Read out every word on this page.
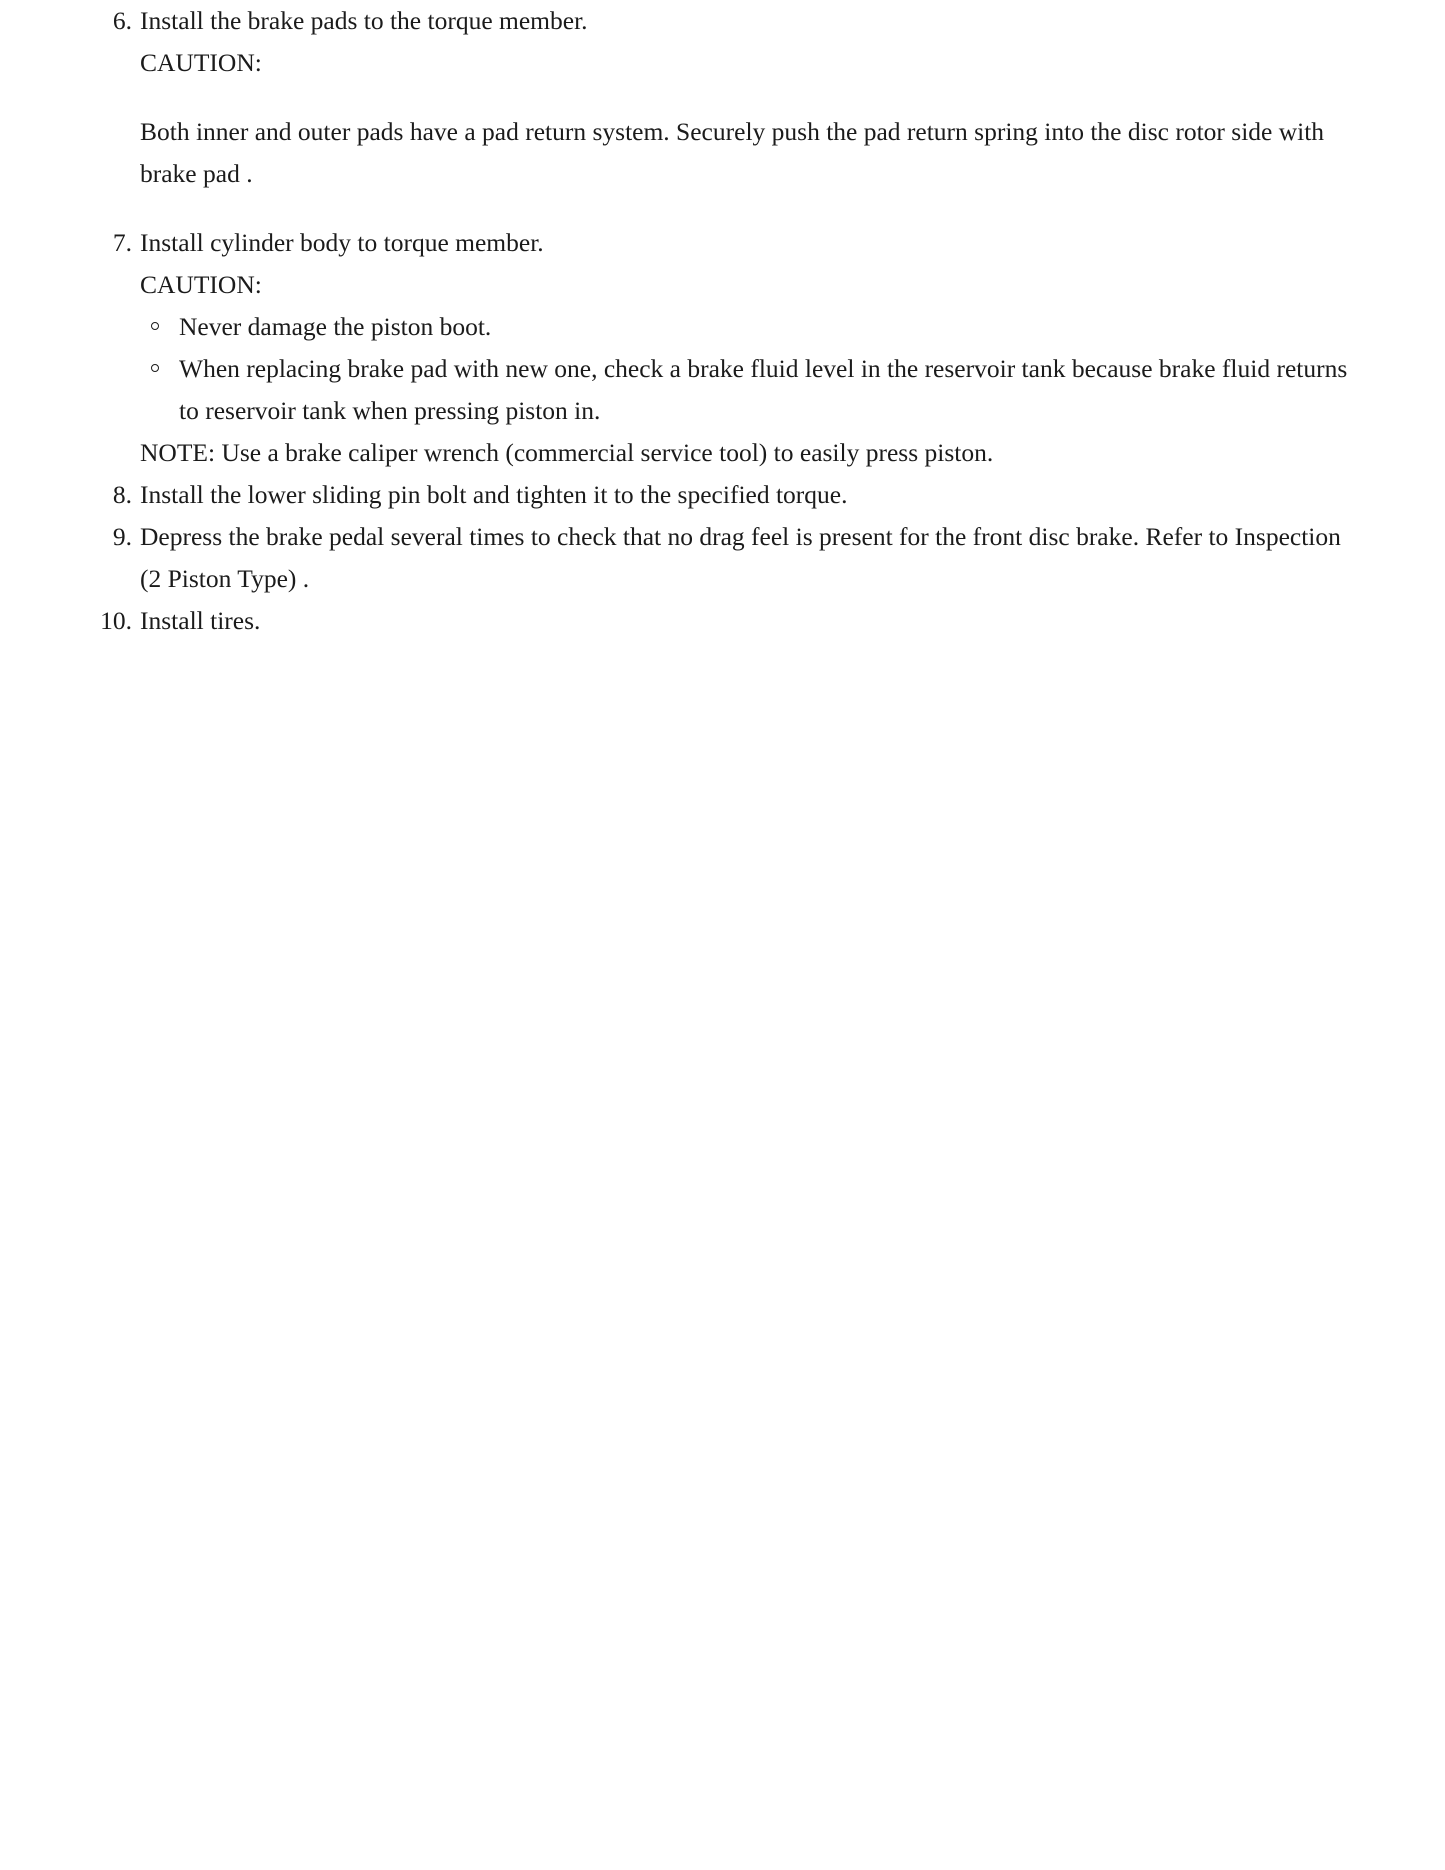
6. Install the brake pads to the torque member.
CAUTION:
Both inner and outer pads have a pad return system. Securely push the pad return spring into the disc rotor side with brake pad .
7. Install cylinder body to torque member.
CAUTION:
Never damage the piston boot.
When replacing brake pad with new one, check a brake fluid level in the reservoir tank because brake fluid returns to reservoir tank when pressing piston in.
NOTE: Use a brake caliper wrench (commercial service tool) to easily press piston.
8. Install the lower sliding pin bolt and tighten it to the specified torque.
9. Depress the brake pedal several times to check that no drag feel is present for the front disc brake. Refer to Inspection (2 Piston Type) .
10. Install tires.
